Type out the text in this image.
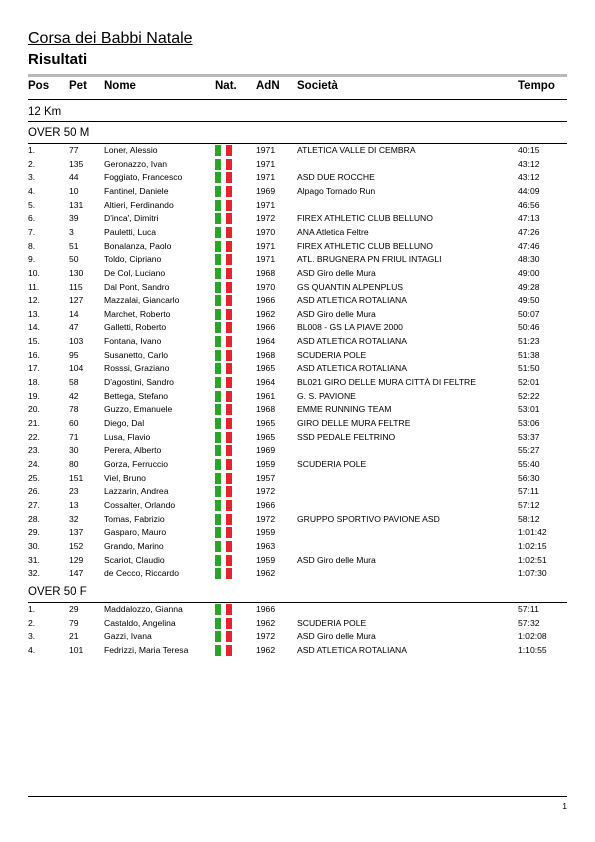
Corsa dei Babbi Natale
Risultati
Pos Pet Nome	Nat. AdN Società	Tempo
12 Km
OVER 50 M
1.	77	Loner, Alessio	1971	ATLETICA VALLE DI CEMBRA	40:15
2.	135 Geronazzo, Ivan	1971	43:12
3.	44	Foggiato, Francesco	1971	ASD DUE ROCCHE	43:12
4.	10	Fantinel, Daniele	1969	Alpago Tornado Run	44:09
5.	131 Altieri, Ferdinando	1971	46:56
6.	39	D'inca', Dimitri	1972	FIREX ATHLETIC CLUB BELLUNO	47:13
7.	3	Pauletti, Luca	1970	ANA Atletica Feltre	47:26
8.	51	Bonalanza, Paolo	1971	FIREX ATHLETIC CLUB BELLUNO	47:46
9.	50	Toldo, Cipriano	1971	ATL. BRUGNERA PN FRIUL INTAGLI	48:30
10.	130 De Col, Luciano	1968	ASD Giro delle Mura	49:00
11.	115 Dal Pont, Sandro	1970	GS QUANTIN ALPENPLUS	49:28
12.	127 Mazzalai, Giancarlo	1966	ASD ATLETICA ROTALIANA	49:50
13.	14	Marchet, Roberto	1962	ASD Giro delle Mura	50:07
14.	47	Galletti, Roberto	1966	BL008 - GS LA PIAVE 2000	50:46
15.	103 Fontana, Ivano	1964	ASD ATLETICA ROTALIANA	51:23
16.	95	Susanetto, Carlo	1968	SCUDERIA POLE	51:38
17.	104 Rosssi, Graziano	1965	ASD ATLETICA ROTALIANA	51:50
18.	58	D'agostini, Sandro	1964	BL021 GIRO DELLE MURA CITTÀ DI FELTRE	52:01
19.	42	Bettega, Stefano	1961	G. S. PAVIONE	52:22
20.	78	Guzzo, Emanuele	1968	EMME RUNNING TEAM	53:01
21.	60	Diego, Dal	1965	GIRO DELLE MURA FELTRE	53:06
22.	71	Lusa, Flavio	1965	SSD PEDALE FELTRINO	53:37
23.	30	Perera, Alberto	1969	55:27
24.	80	Gorza, Ferruccio	1959	SCUDERIA POLE	55:40
25.	151 Viel, Bruno	1957	56:30
26.	23	Lazzarin, Andrea	1972	57:11
27.	13	Cossalter, Orlando	1966	57:12
28.	32	Tomas, Fabrizio	1972	GRUPPO SPORTIVO PAVIONE ASD	58:12
29.	137 Gasparo, Mauro	1959	1:01:42
30.	152 Grando, Marino	1963	1:02:15
31.	129 Scariot, Claudio	1959	ASD Giro delle Mura	1:02:51
32.	147 de Cecco, Riccardo	1962	1:07:30
OVER 50 F
1.	29	Maddalozzo, Gianna	1966	57:11
2.	79	Castaldo, Angelina	1962	SCUDERIA POLE	57:32
3.	21	Gazzi, Ivana	1972	ASD Giro delle Mura	1:02:08
4.	101 Fedrizzi, Maria Teresa	1962	ASD ATLETICA ROTALIANA	1:10:55
1
